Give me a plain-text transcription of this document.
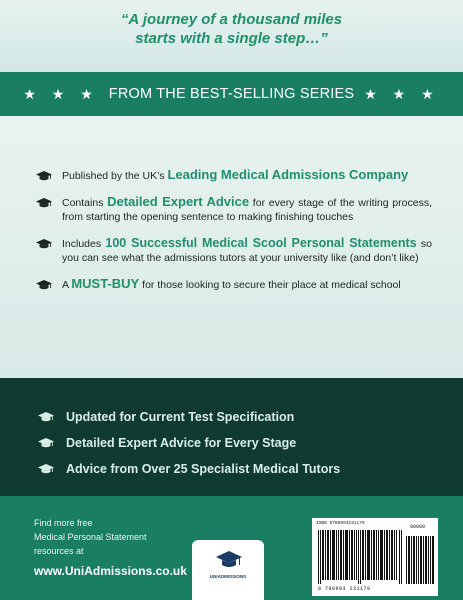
“A journey of a thousand miles
starts with a single step…”

★ ★ ★ FROM THE BEST-SELLING SERIES ★ ★ ★
Published by the UK’s Leading Medical Admissions Company
Contains Detailed Expert Advice for every stage of the writing process, from starting the opening sentence to making finishing touches
Includes 100 Successful Medical Scool Personal Statements so you can see what the admissions tutors at your university like (and don’t like)
A MUST-BUY for those looking to secure their place at medical school
Updated for Current Test Specification
Detailed Expert Advice for Every Stage
Advice from Over 25 Specialist Medical Tutors
Find more free
Medical Personal Statement
resources at
www.UniAdmissions.co.uk	UNIADMISSIONS
ISBN 9780993231179
90000
9 780993 231179
